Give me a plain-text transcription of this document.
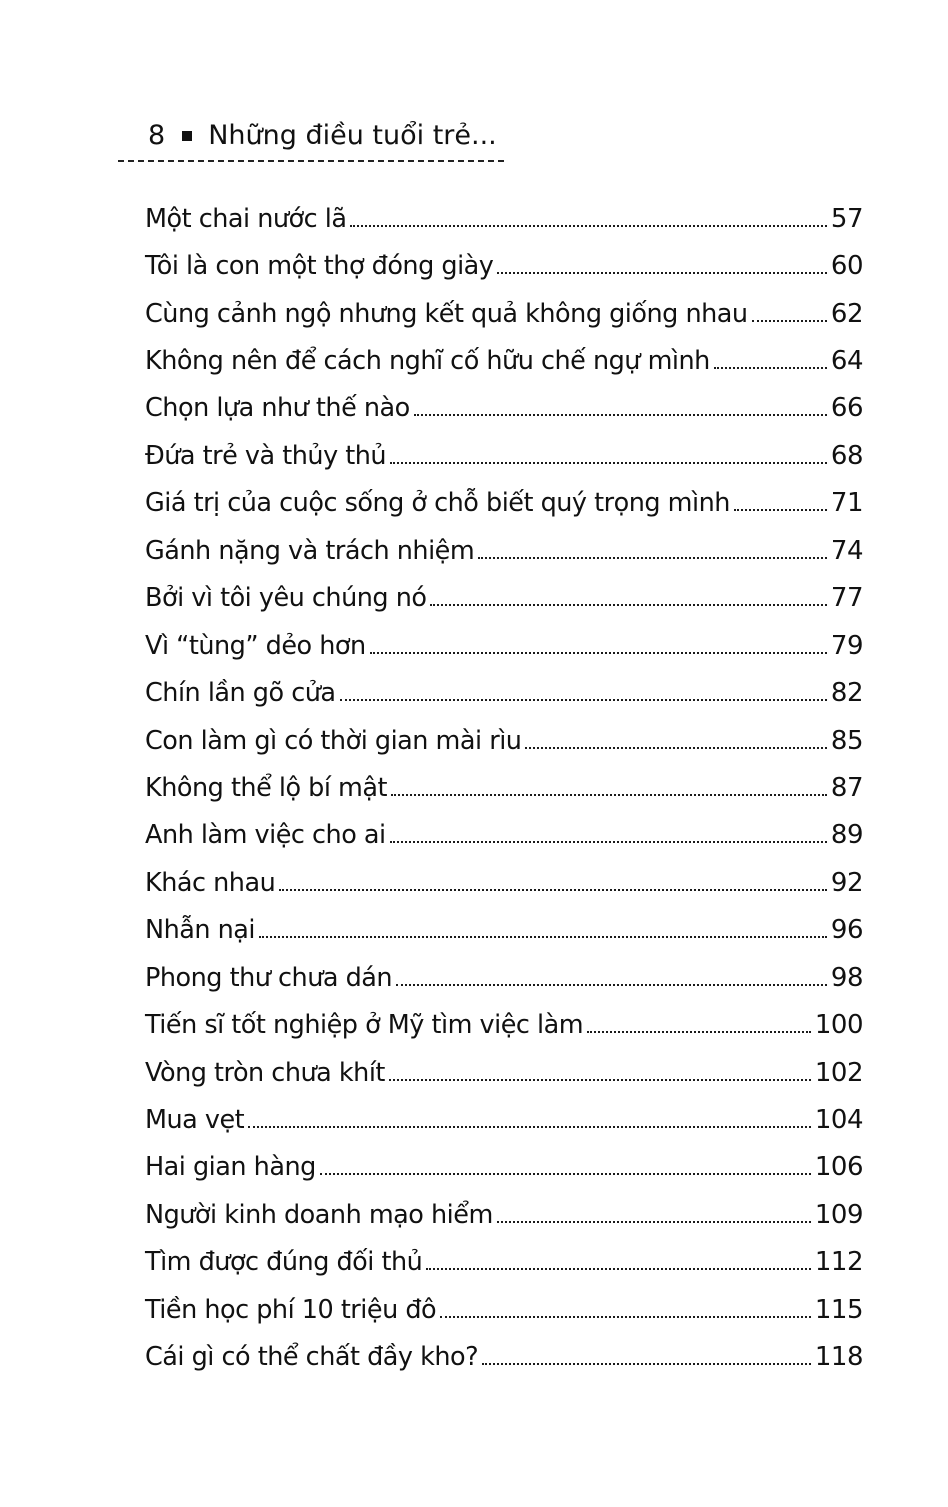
8 Những điều tuổi trẻ...
Một chai nước lã	57
Tôi là con một thợ đóng giày	60
Cùng cảnh ngộ nhưng kết quả không giống nhau	62
Không nên để cách nghĩ cố hữu chế ngự mình	64
Chọn lựa như thế nào	66
Đứa trẻ và thủy thủ	68
Giá trị của cuộc sống ở chỗ biết quý trọng mình	71
Gánh nặng và trách nhiệm	74
Bởi vì tôi yêu chúng nó	77
Vì “tùng” dẻo hơn	79
Chín lần gõ cửa	82
Con làm gì có thời gian mài rìu	85
Không thể lộ bí mật	87
Anh làm việc cho ai	89
Khác nhau	92
Nhẫn nại	96
Phong thư chưa dán	98
Tiến sĩ tốt nghiệp ở Mỹ tìm việc làm	100
Vòng tròn chưa khít	102
Mua vẹt	104
Hai gian hàng	106
Người kinh doanh mạo hiểm	109
Tìm được đúng đối thủ	112
Tiền học phí 10 triệu đô	115
Cái gì có thể chất đầy kho?	118
